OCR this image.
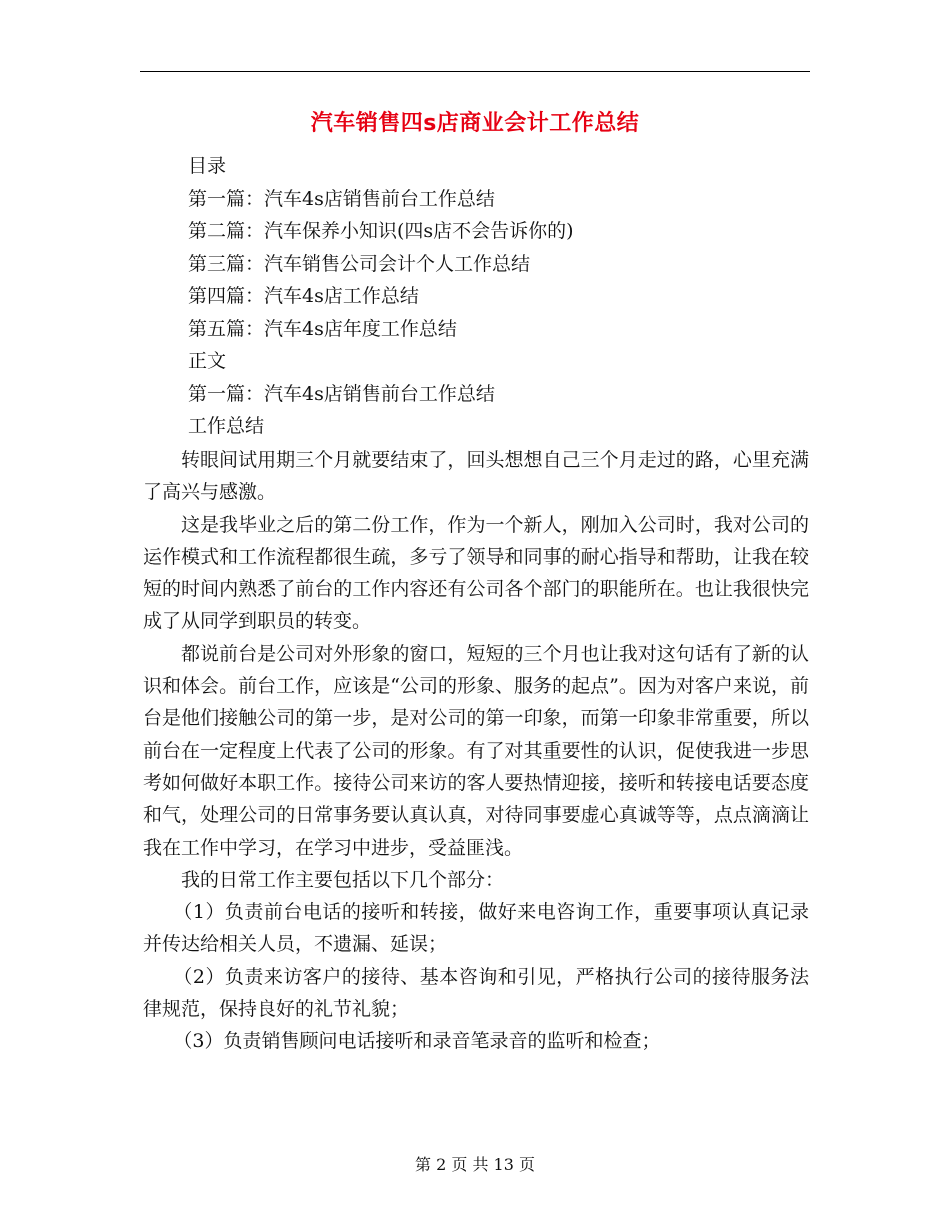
汽车销售四s店商业会计工作总结
目录
第一篇：汽车4s店销售前台工作总结
第二篇：汽车保养小知识(四s店不会告诉你的)
第三篇：汽车销售公司会计个人工作总结
第四篇：汽车4s店工作总结
第五篇：汽车4s店年度工作总结
正文
第一篇：汽车4s店销售前台工作总结
工作总结

转眼间试用期三个月就要结束了，回头想想自己三个月走过的路，心里充满了高兴与感激。

这是我毕业之后的第二份工作，作为一个新人，刚加入公司时，我对公司的运作模式和工作流程都很生疏，多亏了领导和同事的耐心指导和帮助，让我在较短的时间内熟悉了前台的工作内容还有公司各个部门的职能所在。也让我很快完成了从同学到职员的转变。

都说前台是公司对外形象的窗口，短短的三个月也让我对这句话有了新的认识和体会。前台工作，应该是“公司的形象、服务的起点”。因为对客户来说，前台是他们接触公司的第一步，是对公司的第一印象，而第一印象非常重要，所以前台在一定程度上代表了公司的形象。有了对其重要性的认识，促使我进一步思考如何做好本职工作。接待公司来访的客人要热情迎接，接听和转接电话要态度和气，处理公司的日常事务要认真认真，对待同事要虚心真诚等等，点点滴滴让我在工作中学习，在学习中进步，受益匪浅。

我的日常工作主要包括以下几个部分：

（1）负责前台电话的接听和转接，做好来电咨询工作，重要事项认真记录并传达给相关人员，不遗漏、延误；

（2）负责来访客户的接待、基本咨询和引见，严格执行公司的接待服务法律规范，保持良好的礼节礼貌；

（3）负责销售顾问电话接听和录音笔录音的监听和检查；

第 2 页 共 13 页
